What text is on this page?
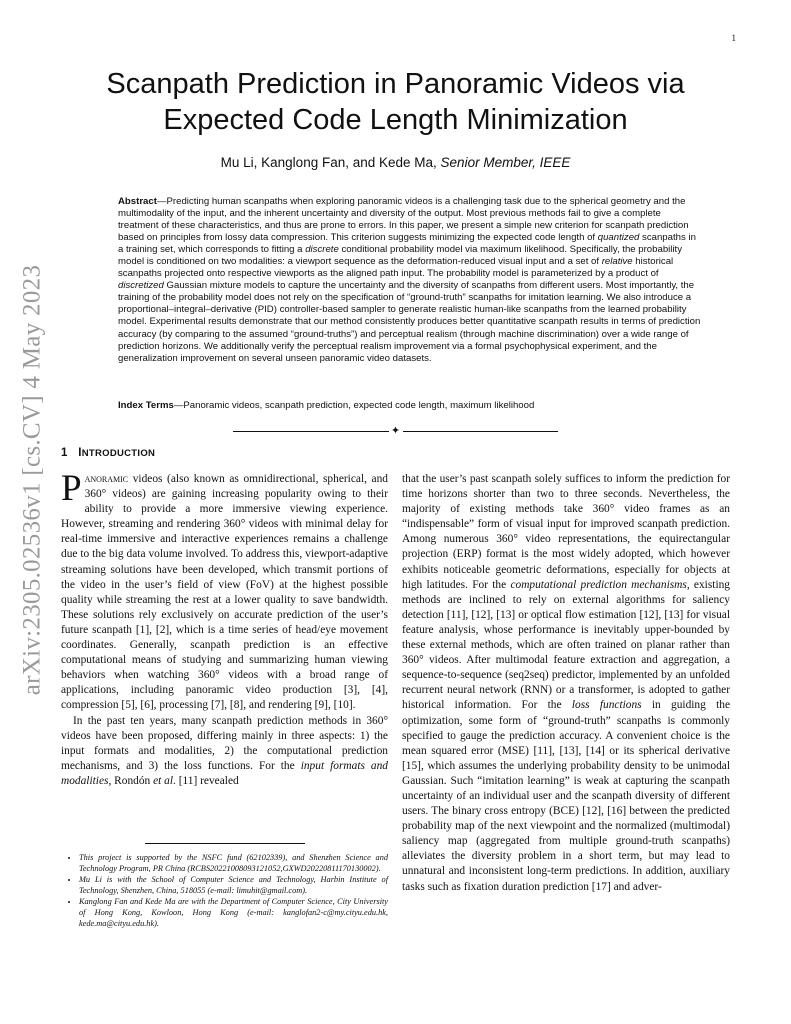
1
arXiv:2305.02536v1 [cs.CV] 4 May 2023
Scanpath Prediction in Panoramic Videos via
Expected Code Length Minimization
Mu Li, Kanglong Fan, and Kede Ma, Senior Member, IEEE
Abstract—Predicting human scanpaths when exploring panoramic videos is a challenging task due to the spherical geometry and the multimodality of the input, and the inherent uncertainty and diversity of the output. Most previous methods fail to give a complete treatment of these characteristics, and thus are prone to errors. In this paper, we present a simple new criterion for scanpath prediction based on principles from lossy data compression. This criterion suggests minimizing the expected code length of quantized scanpaths in a training set, which corresponds to fitting a discrete conditional probability model via maximum likelihood. Specifically, the probability model is conditioned on two modalities: a viewport sequence as the deformation-reduced visual input and a set of relative historical scanpaths projected onto respective viewports as the aligned path input. The probability model is parameterized by a product of discretized Gaussian mixture models to capture the uncertainty and the diversity of scanpaths from different users. Most importantly, the training of the probability model does not rely on the specification of “ground-truth” scanpaths for imitation learning. We also introduce a proportional–integral–derivative (PID) controller-based sampler to generate realistic human-like scanpaths from the learned probability model. Experimental results demonstrate that our method consistently produces better quantitative scanpath results in terms of prediction accuracy (by comparing to the assumed “ground-truths”) and perceptual realism (through machine discrimination) over a wide range of prediction horizons. We additionally verify the perceptual realism improvement via a formal psychophysical experiment, and the generalization improvement on several unseen panoramic video datasets.
Index Terms—Panoramic videos, scanpath prediction, expected code length, maximum likelihood
✦
1 INTRODUCTION

Panoramic videos (also known as omnidirectional, spherical, and 360° videos) are gaining increasing popularity owing to their ability to provide a more immersive viewing experience. However, streaming and rendering 360° videos with minimal delay for real-time immersive and interactive experiences remains a challenge due to the big data volume involved. To address this, viewport-adaptive streaming solutions have been developed, which transmit portions of the video in the user’s field of view (FoV) at the highest possible quality while streaming the rest at a lower quality to save bandwidth. These solutions rely exclusively on accurate prediction of the user’s future scanpath [1], [2], which is a time series of head/eye movement coordinates. Generally, scanpath prediction is an effective computational means of studying and summarizing human viewing behaviors when watching 360° videos with a broad range of applications, including panoramic video production [3], [4], compression [5], [6], processing [7], [8], and rendering [9], [10].

In the past ten years, many scanpath prediction methods in 360° videos have been proposed, differing mainly in three aspects: 1) the input formats and modalities, 2) the computational prediction mechanisms, and 3) the loss functions. For the input formats and modalities, Rondón et al. [11] revealed

that the user’s past scanpath solely suffices to inform the prediction for time horizons shorter than two to three seconds. Nevertheless, the majority of existing methods take 360° video frames as an “indispensable” form of visual input for improved scanpath prediction. Among numerous 360° video representations, the equirectangular projection (ERP) format is the most widely adopted, which however exhibits noticeable geometric deformations, especially for objects at high latitudes. For the computational prediction mechanisms, existing methods are inclined to rely on external algorithms for saliency detection [11], [12], [13] or optical flow estimation [12], [13] for visual feature analysis, whose performance is inevitably upper-bounded by these external methods, which are often trained on planar rather than 360° videos. After multimodal feature extraction and aggregation, a sequence-to-sequence (seq2seq) predictor, implemented by an unfolded recurrent neural network (RNN) or a transformer, is adopted to gather historical information. For the loss functions in guiding the optimization, some form of “ground-truth” scanpaths is commonly specified to gauge the prediction accuracy. A convenient choice is the mean squared error (MSE) [11], [13], [14] or its spherical derivative [15], which assumes the underlying probability density to be unimodal Gaussian. Such “imitation learning” is weak at capturing the scanpath uncertainty of an individual user and the scanpath diversity of different users. The binary cross entropy (BCE) [12], [16] between the predicted probability map of the next viewpoint and the normalized (multimodal) saliency map (aggregated from multiple ground-truth scanpaths) alleviates the diversity problem in a short term, but may lead to unnatural and inconsistent long-term predictions. In addition, auxiliary tasks such as fixation duration prediction [17] and adver-

• This project is supported by the NSFC fund (62102339), and Shenzhen Science and Technology Program, PR China (RCBS20221008093121052,GXWD20220811170130002).
• Mu Li is with the School of Computer Science and Technology, Harbin Institute of Technology, Shenzhen, China, 518055 (e-mail: limuhit@gmail.com).
• Kanglong Fan and Kede Ma are with the Department of Computer Science, City University of Hong Kong, Kowloon, Hong Kong (e-mail: kanglofan2-c@my.cityu.edu.hk, kede.ma@cityu.edu.hk).
